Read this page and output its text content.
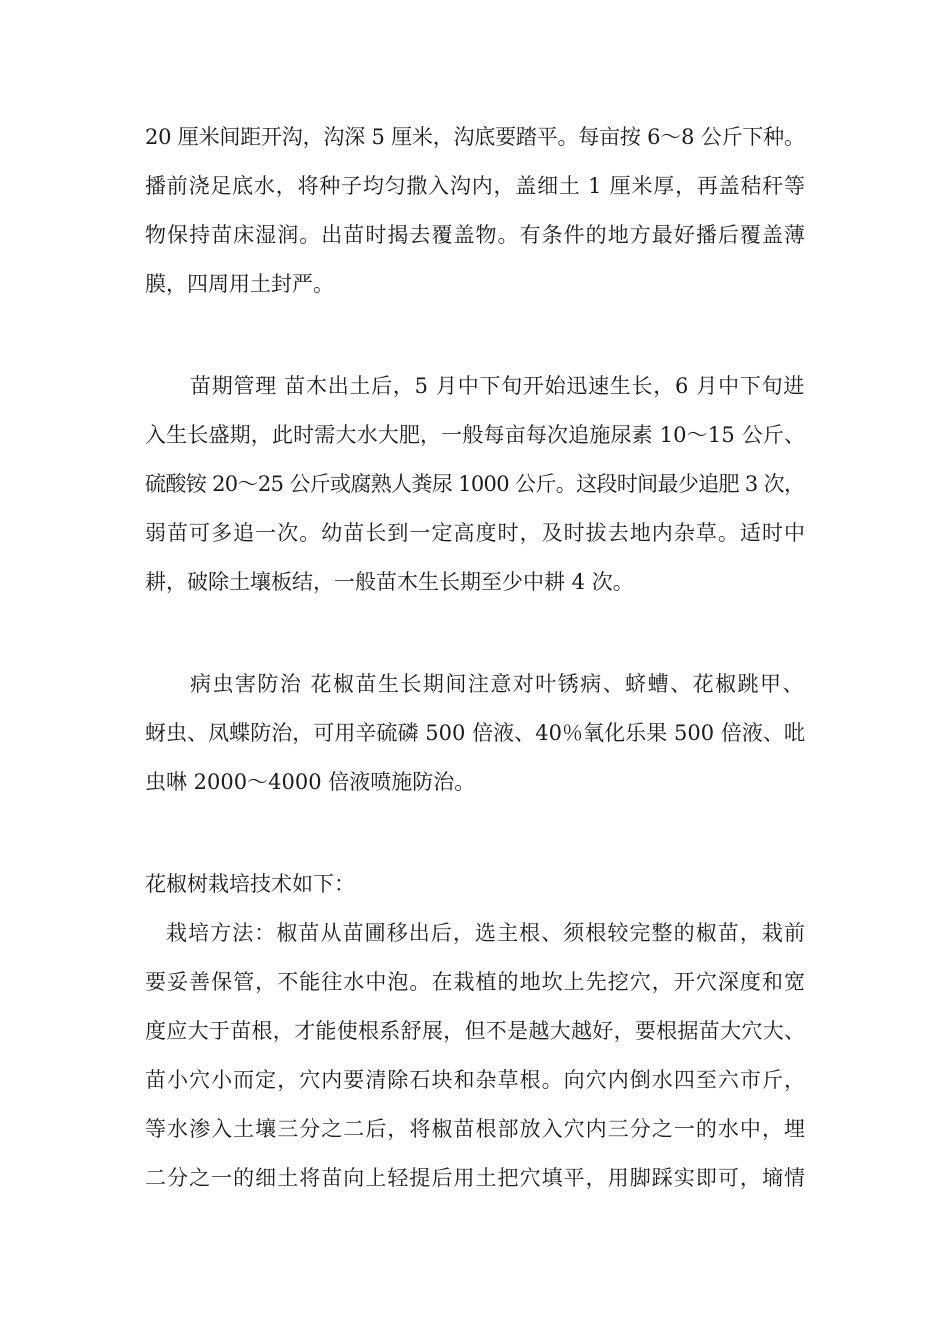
20 厘米间距开沟，沟深 5 厘米，沟底要踏平。每亩按 6～8 公斤下种。
播前浇足底水，将种子均匀撒入沟内，盖细土 1 厘米厚，再盖秸秆等
物保持苗床湿润。出苗时揭去覆盖物。有条件的地方最好播后覆盖薄
膜，四周用土封严。
苗期管理 苗木出土后，5 月中下旬开始迅速生长，6 月中下旬进
入生长盛期，此时需大水大肥，一般每亩每次追施尿素 10～15 公斤、
硫酸铵 20～25 公斤或腐熟人粪尿 1000 公斤。这段时间最少追肥 3 次，
弱苗可多追一次。幼苗长到一定高度时，及时拔去地内杂草。适时中
耕，破除土壤板结，一般苗木生长期至少中耕 4 次。
病虫害防治 花椒苗生长期间注意对叶锈病、蛴螬、花椒跳甲、
蚜虫、凤蝶防治，可用辛硫磷 500 倍液、40％氧化乐果 500 倍液、吡
虫啉 2000～4000 倍液喷施防治。
花椒树栽培技术如下：
栽培方法：椒苗从苗圃移出后，选主根、须根较完整的椒苗，栽前
要妥善保管，不能往水中泡。在栽植的地坎上先挖穴，开穴深度和宽
度应大于苗根，才能使根系舒展，但不是越大越好，要根据苗大穴大、
苗小穴小而定，穴内要清除石块和杂草根。向穴内倒水四至六市斤，
等水渗入土壤三分之二后，将椒苗根部放入穴内三分之一的水中，埋
二分之一的细土将苗向上轻提后用土把穴填平，用脚踩实即可，墒情
